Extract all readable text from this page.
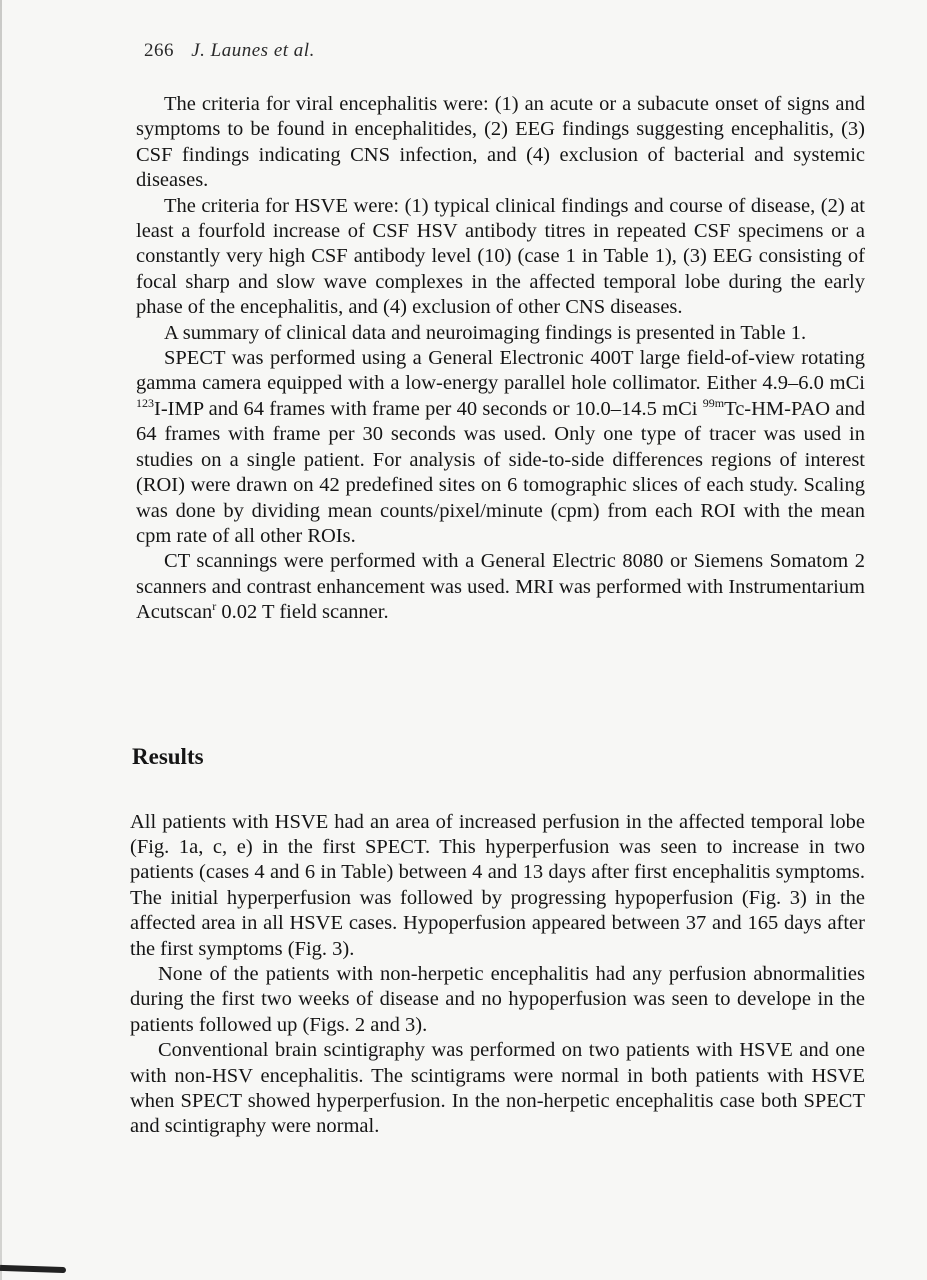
266 J. Launes et al.

The criteria for viral encephalitis were: (1) an acute or a subacute onset of signs and symptoms to be found in encephalitides, (2) EEG findings suggesting encephalitis, (3) CSF findings indicating CNS infection, and (4) exclusion of bacterial and systemic diseases.

The criteria for HSVE were: (1) typical clinical findings and course of disease, (2) at least a fourfold increase of CSF HSV antibody titres in repeated CSF specimens or a constantly very high CSF antibody level (10) (case 1 in Table 1), (3) EEG consisting of focal sharp and slow wave complexes in the affected temporal lobe during the early phase of the encephalitis, and (4) exclusion of other CNS diseases.

A summary of clinical data and neuroimaging findings is presented in Table 1.

SPECT was performed using a General Electronic 400T large field-of-view rotating gamma camera equipped with a low-energy parallel hole collimator. Either 4.9–6.0 mCi $^{123}$I-IMP and 64 frames with frame per 40 seconds or 10.0–14.5 mCi $^{99m}$Tc-HM-PAO and 64 frames with frame per 30 seconds was used. Only one type of tracer was used in studies on a single patient. For analysis of side-to-side differences regions of interest (ROI) were drawn on 42 predefined sites on 6 tomographic slices of each study. Scaling was done by dividing mean counts/pixel/minute (cpm) from each ROI with the mean cpm rate of all other ROIs.

CT scannings were performed with a General Electric 8080 or Siemens Somatom 2 scanners and contrast enhancement was used. MRI was performed with Instrumentarium Acutscan$^r$ 0.02 T field scanner.

Results

All patients with HSVE had an area of increased perfusion in the affected temporal lobe (Fig. 1a, c, e) in the first SPECT. This hyperperfusion was seen to increase in two patients (cases 4 and 6 in Table) between 4 and 13 days after first encephalitis symptoms. The initial hyperperfusion was followed by progressing hypoperfusion (Fig. 3) in the affected area in all HSVE cases. Hypoperfusion appeared between 37 and 165 days after the first symptoms (Fig. 3).

None of the patients with non-herpetic encephalitis had any perfusion abnormalities during the first two weeks of disease and no hypoperfusion was seen to develope in the patients followed up (Figs. 2 and 3).

Conventional brain scintigraphy was performed on two patients with HSVE and one with non-HSV encephalitis. The scintigrams were normal in both patients with HSVE when SPECT showed hyperperfusion. In the non-herpetic encephalitis case both SPECT and scintigraphy were normal.
